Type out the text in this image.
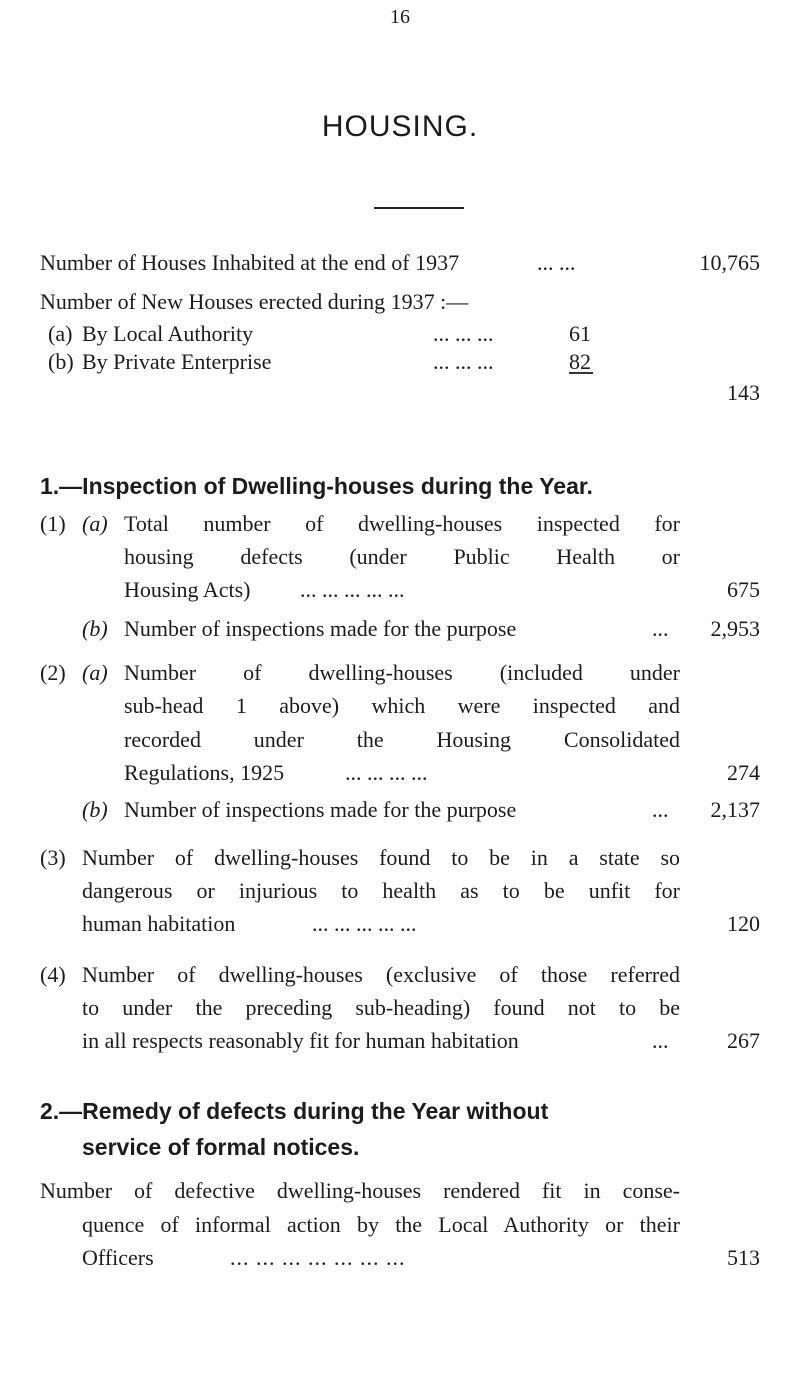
16
HOUSING.
Number of Houses Inhabited at the end of 1937	... ...	10,765
Number of New Houses erected during 1937 :—
(a) By Local Authority	... ... ...	61
(b) By Private Enterprise	... ... ...	82
143
1.—Inspection of Dwelling-houses during the Year.
(1) (a) Total number of dwelling-houses inspected for
housing defects (under Public Health or
Housing Acts) ... ... ... ... ...	675
(b) Number of inspections made for the purpose	... 2,953
(2) (a) Number of dwelling-houses (included under
sub-head 1 above) which were inspected and
recorded under the Housing Consolidated
Regulations, 1925	... ... ... ...	274
(b) Number of inspections made for the purpose	... 2,137
(3) Number of dwelling-houses found to be in a state so
dangerous or injurious to health as to be unfit for
human habitation	... ... ... ... ...	120
(4) Number of dwelling-houses (exclusive of those referred
to under the preceding sub-heading) found not to be
in all respects reasonably fit for human habitation	...	267
2.—Remedy of defects during the Year without
service of formal notices.
Number of defective dwelling-houses rendered fit in conse-
quence of informal action by the Local Authority or their
Officers	... ... ... ... ... ... ...	513
